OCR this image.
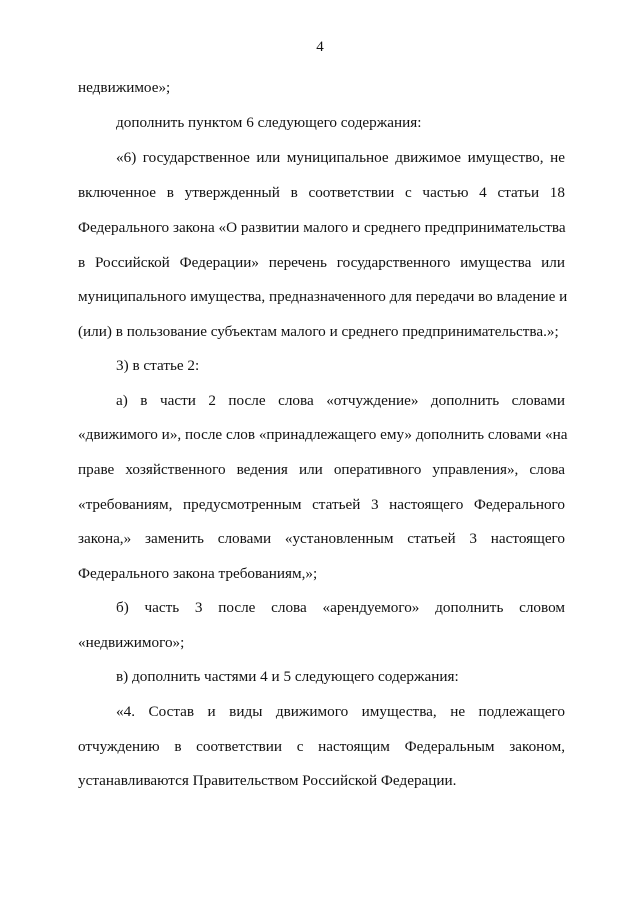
4
недвижимое»;
дополнить пунктом 6 следующего содержания:
«6) государственное или муниципальное движимое имущество, не
включенное в утвержденный в соответствии с частью 4 статьи 18
Федерального закона «О развитии малого и среднего предпринимательства
в Российской Федерации» перечень государственного имущества или
муниципального имущества, предназначенного для передачи во владение и
(или) в пользование субъектам малого и среднего предпринимательства.»;
3) в статье 2:
а) в части 2 после слова «отчуждение» дополнить словами
«движимого и», после слов «принадлежащего ему» дополнить словами «на
праве хозяйственного ведения или оперативного управления», слова
«требованиям, предусмотренным статьей 3 настоящего Федерального
закона,» заменить словами «установленным статьей 3 настоящего
Федерального закона требованиям,»;
б) часть 3 после слова «арендуемого» дополнить словом
«недвижимого»;
в) дополнить частями 4 и 5 следующего содержания:
«4. Состав и виды движимого имущества, не подлежащего
отчуждению в соответствии с настоящим Федеральным законом,
устанавливаются Правительством Российской Федерации.
